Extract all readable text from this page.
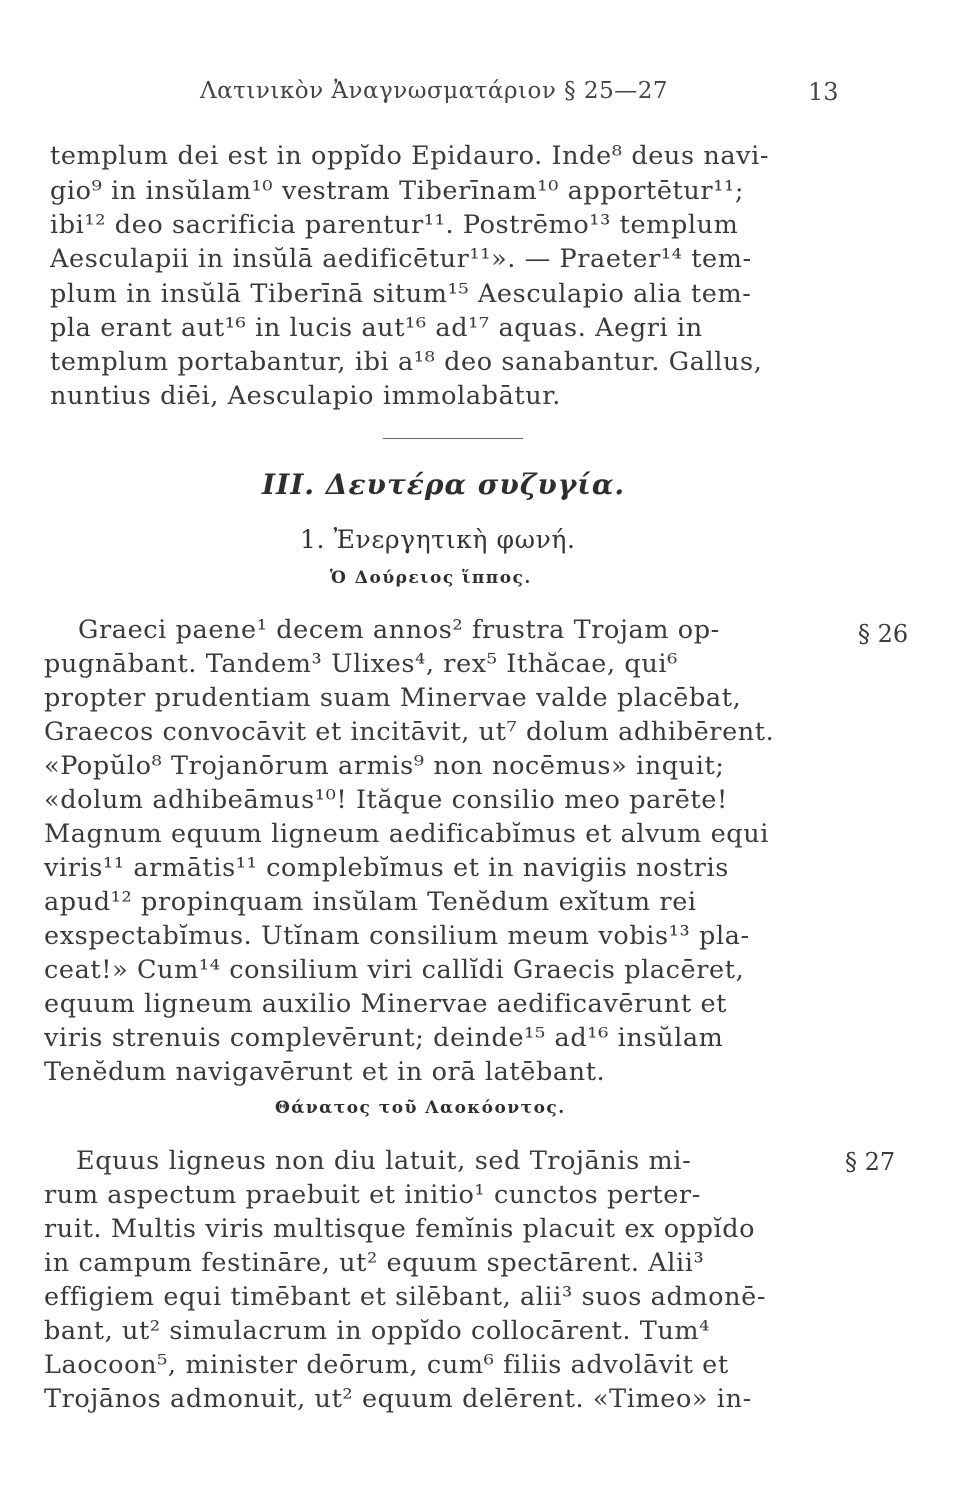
Λατινικὸν Ἀναγνωσματάριον § 25—27	13
templum dei est in oppĭdo Epidauro. Inde⁸ deus navi-
gio⁹ in insŭlam¹⁰ vestram Tiberīnam¹⁰ apportētur¹¹;
ibi¹² deo sacrificia parentur¹¹. Postrēmo¹³ templum
Aesculapii in insŭlā aedificētur¹¹». — Praeter¹⁴ tem-
plum in insŭlā Tiberīnā situm¹⁵ Aesculapio alia tem-
pla erant aut¹⁶ in lucis aut¹⁶ ad¹⁷ aquas. Aegri in
templum portabantur, ibi a¹⁸ deo sanabantur. Gallus,
nuntius diēi, Aesculapio immolabātur.
III. Δευτέρα συζυγία.
1. Ἐνεργητικὴ φωνή.
Ὁ Δούρειος ἵππος.
§ 26
Graeci paene¹ decem annos² frustra Trojam op-
pugnābant. Tandem³ Ulixes⁴, rex⁵ Ithăcae, qui⁶
propter prudentiam suam Minervae valde placēbat,
Graecos convocāvit et incitāvit, ut⁷ dolum adhibērent.
«Popŭlo⁸ Trojanōrum armis⁹ non nocēmus» inquit;
«dolum adhibeāmus¹⁰! Ităque consilio meo parēte!
Magnum equum ligneum aedificabĭmus et alvum equi
viris¹¹ armātis¹¹ complebĭmus et in navigiis nostris
apud¹² propinquam insŭlam Tenĕdum exĭtum rei
exspectabĭmus. Utĭnam consilium meum vobis¹³ pla-
ceat!» Cum¹⁴ consilium viri callĭdi Graecis placēret,
equum ligneum auxilio Minervae aedificavērunt et
viris strenuis complevērunt; deinde¹⁵ ad¹⁶ insŭlam
Tenĕdum navigavērunt et in orā latēbant.
Θάνατος τοῦ Λαοκόοντος.
§ 27
Equus ligneus non diu latuit, sed Trojānis mi-
rum aspectum praebuit et initio¹ cunctos perter-
ruit. Multis viris multisque femĭnis placuit ex oppĭdo
in campum festināre, ut² equum spectārent. Alii³
effigiem equi timēbant et silēbant, alii³ suos admonē-
bant, ut² simulacrum in oppĭdo collocārent. Tum⁴
Laocoon⁵, minister deōrum, cum⁶ filiis advolāvit et
Trojānos admonuit, ut² equum delērent. «Timeo» in-
